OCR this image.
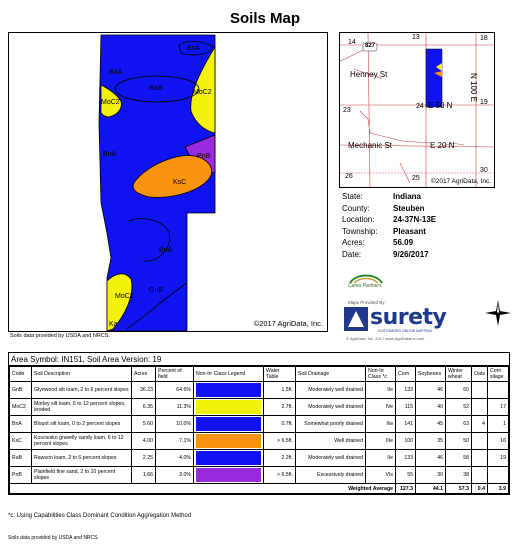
Soils Map
BnA
BnA
RaB
MoC2
MoC2
BnA	PnB
KsC
BnA
MoC2
GnB
Ka	©2017 AgriData, Inc.
Soils data provided by USDA and NRCS.
827
14
13	18
Henney St
24 E 50 N
23
19
Mechanic St	E 20 N
26	25
30
N 100 E
©2017 AgriData, Inc.
State:	Indiana
County:	Steuben
Location:	24-37N-13E
Township:	Pleasant
Acres:	56.09
Date:	9/26/2017
Ceres Partners
Maps Provided By:
surety
CUSTOMIZED ONLINE MAPPING
© AgriData, Inc. 2017 www.AgriDataInc.com
Area Symbol: IN151, Soil Area Version: 19
Code	Soil Description	Acres	Percent of field	Non-Irr Class Legend	Water Table	Soil Drainage	Non-Irr Class *c	Corn	Soybeans	Winter wheat	Oats	Corn silage
GnB	Glynwood silt loam, 2 to 6 percent slopes	36.23	64.6%		1.5ft.	Moderately well drained	IIe	133	46	60		
MoC2	Morley silt loam, 6 to 12 percent slopes, eroded	6.35	11.3%		2.7ft.	Moderately well drained	IVe	115	40	52		17
BnA	Blount silt loam, 0 to 2 percent slopes	5.60	10.0%		0.7ft.	Somewhat poorly drained	IIw	141	45	63	4	1
KsC	Kosciusko gravelly sandy loam, 6 to 12 percent slopes	4.00	7.1%		> 6.5ft.	Well drained	IIIe	100	35	50		16
RaB	Rawson loam, 2 to 6 percent slopes	2.25	4.0%		2.2ft.	Moderately well drained	IIe	133	46	58		19
PnB	Plainfield fine sand, 2 to 10 percent slopes	1.66	3.0%		> 6.5ft.	Excessively drained	VIs	55	30	38		
Weighted Average								127.3	44.1	57.3	0.4	3.9
*c: Using Capabilities Class Dominant Condition Aggregation Method
Soils data provided by USDA and NRCS.
